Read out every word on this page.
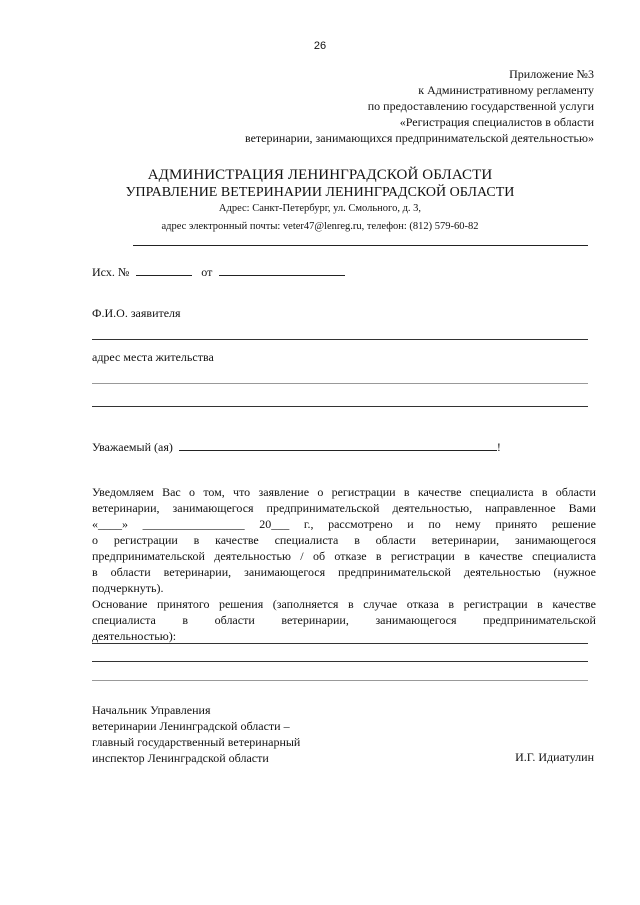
26
Приложение №3
к Административному регламенту
по предоставлению государственной услуги
«Регистрация специалистов в области
ветеринарии, занимающихся предпринимательской деятельностью»
АДМИНИСТРАЦИЯ ЛЕНИНГРАДСКОЙ ОБЛАСТИ
УПРАВЛЕНИЕ ВЕТЕРИНАРИИ ЛЕНИНГРАДСКОЙ ОБЛАСТИ
Адрес: Санкт-Петербург, ул. Смольного, д. 3,
адрес электронный почты: veter47@lenreg.ru, телефон: (812) 579-60-82
Исх. №	от
Ф.И.О. заявителя
адрес места жительства
Уважаемый (ая)	!
Уведомляем Вас о том, что заявление о регистрации в качестве специалиста в области
ветеринарии, занимающегося предпринимательской деятельностью, направленное Вами
«____» _________________ 20___ г., рассмотрено и по нему принято решение
о регистрации в качестве специалиста в области ветеринарии, занимающегося
предпринимательской деятельностью / об отказе в регистрации в качестве специалиста
в области ветеринарии, занимающегося предпринимательской деятельностью (нужное
подчеркнуть).
Основание принятого решения (заполняется в случае отказа в регистрации в качестве
специалиста в области ветеринарии, занимающегося предпринимательской
деятельностью):
Начальник Управления
ветеринарии Ленинградской области –
главный государственный ветеринарный
инспектор Ленинградской области	И.Г. Идиатулин
